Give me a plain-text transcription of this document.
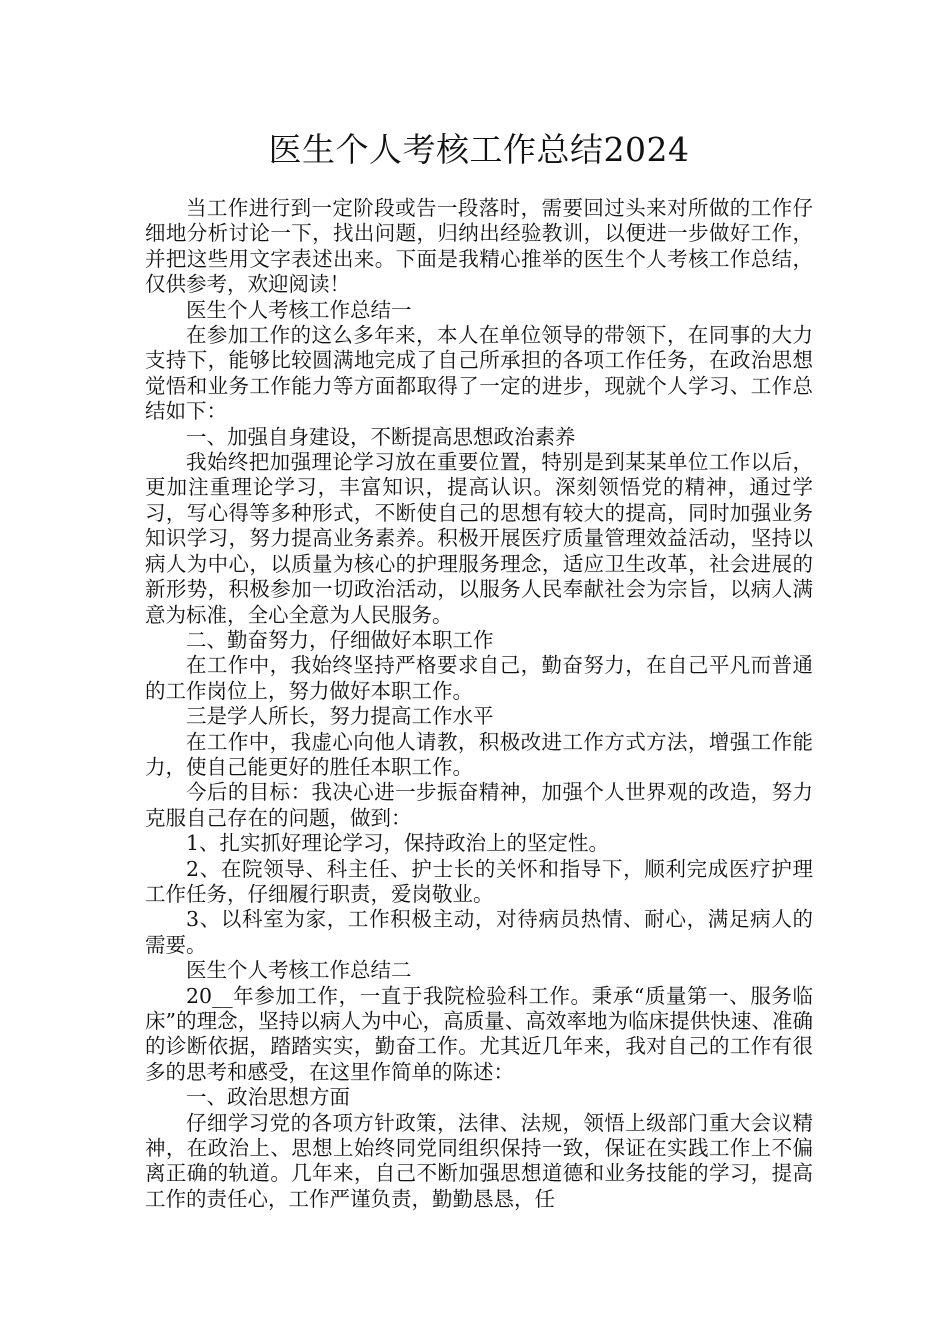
医生个人考核工作总结2024

当工作进行到一定阶段或告一段落时，需要回过头来对所做的工作仔细地分析讨论一下，找出问题，归纳出经验教训，以便进一步做好工作，并把这些用文字表述出来。下面是我精心推举的医生个人考核工作总结，仅供参考，欢迎阅读！

医生个人考核工作总结一

在参加工作的这么多年来，本人在单位领导的带领下，在同事的大力支持下，能够比较圆满地完成了自己所承担的各项工作任务，在政治思想觉悟和业务工作能力等方面都取得了一定的进步，现就个人学习、工作总结如下：

一、加强自身建设，不断提高思想政治素养

我始终把加强理论学习放在重要位置，特别是到某某单位工作以后，更加注重理论学习，丰富知识，提高认识。深刻领悟党的精神，通过学习，写心得等多种形式，不断使自己的思想有较大的提高，同时加强业务知识学习，努力提高业务素养。积极开展医疗质量管理效益活动，坚持以病人为中心，以质量为核心的护理服务理念，适应卫生改革，社会进展的新形势，积极参加一切政治活动，以服务人民奉献社会为宗旨，以病人满意为标准，全心全意为人民服务。

二、勤奋努力，仔细做好本职工作

在工作中，我始终坚持严格要求自己，勤奋努力，在自己平凡而普通的工作岗位上，努力做好本职工作。

三是学人所长，努力提高工作水平

在工作中，我虚心向他人请教，积极改进工作方式方法，增强工作能力，使自己能更好的胜任本职工作。

今后的目标：我决心进一步振奋精神，加强个人世界观的改造，努力克服自己存在的问题，做到：

1、扎实抓好理论学习，保持政治上的坚定性。

2、在院领导、科主任、护士长的关怀和指导下，顺利完成医疗护理工作任务，仔细履行职责，爱岗敬业。

3、以科室为家，工作积极主动，对待病员热情、耐心，满足病人的需要。

医生个人考核工作总结二

20__年参加工作，一直于我院检验科工作。秉承“质量第一、服务临床”的理念，坚持以病人为中心，高质量、高效率地为临床提供快速、准确的诊断依据，踏踏实实，勤奋工作。尤其近几年来，我对自己的工作有很多的思考和感受，在这里作简单的陈述：

一、政治思想方面

仔细学习党的各项方针政策，法律、法规，领悟上级部门重大会议精神，在政治上、思想上始终同党同组织保持一致，保证在实践工作上不偏离正确的轨道。几年来，自己不断加强思想道德和业务技能的学习，提高工作的责任心，工作严谨负责，勤勤恳恳，任
